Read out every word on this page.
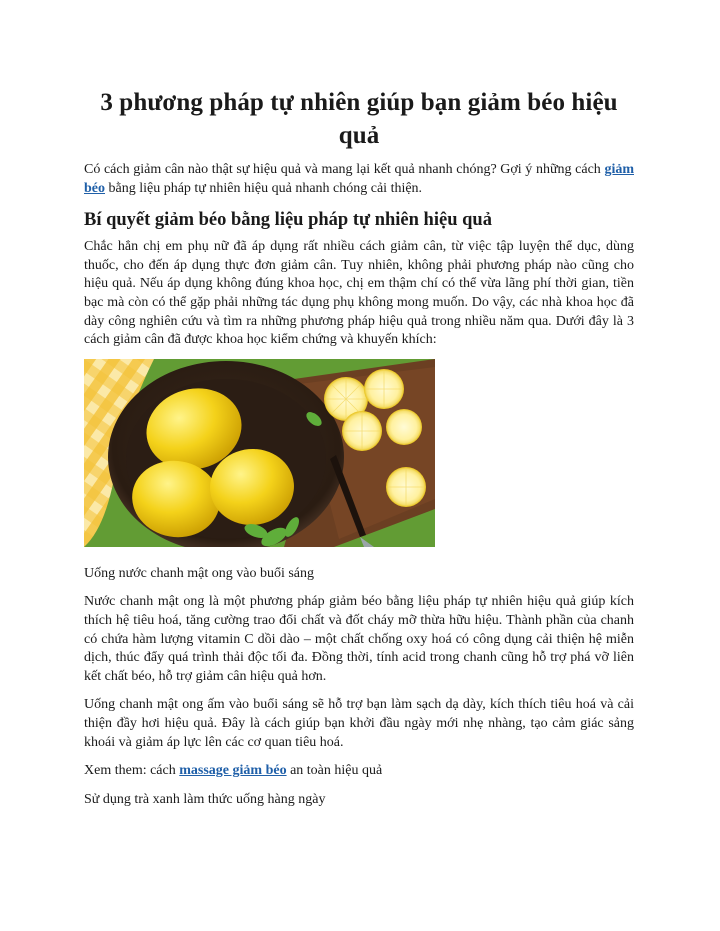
3 phương pháp tự nhiên giúp bạn giảm béo hiệu quả

Có cách giảm cân nào thật sự hiệu quả và mang lại kết quả nhanh chóng? Gợi ý những cách giảm béo bằng liệu pháp tự nhiên hiệu quả nhanh chóng cải thiện.

Bí quyết giảm béo bằng liệu pháp tự nhiên hiệu quả

Chắc hẳn chị em phụ nữ đã áp dụng rất nhiều cách giảm cân, từ việc tập luyện thể dục, dùng thuốc, cho đến áp dụng thực đơn giảm cân. Tuy nhiên, không phải phương pháp nào cũng cho hiệu quả. Nếu áp dụng không đúng khoa học, chị em thậm chí có thể vừa lãng phí thời gian, tiền bạc mà còn có thể gặp phải những tác dụng phụ không mong muốn. Do vậy, các nhà khoa học đã dày công nghiên cứu và tìm ra những phương pháp hiệu quả trong nhiều năm qua. Dưới đây là 3 cách giảm cân đã được khoa học kiểm chứng và khuyến khích:

Uống nước chanh mật ong vào buổi sáng

Nước chanh mật ong là một phương pháp giảm béo bằng liệu pháp tự nhiên hiệu quả giúp kích thích hệ tiêu hoá, tăng cường trao đổi chất và đốt cháy mỡ thừa hữu hiệu. Thành phần của chanh có chứa hàm lượng vitamin C dồi dào – một chất chống oxy hoá có công dụng cải thiện hệ miễn dịch, thúc đẩy quá trình thải độc tối đa. Đồng thời, tính acid trong chanh cũng hỗ trợ phá vỡ liên kết chất béo, hỗ trợ giảm cân hiệu quả hơn.

Uống chanh mật ong ấm vào buổi sáng sẽ hỗ trợ bạn làm sạch dạ dày, kích thích tiêu hoá và cải thiện đầy hơi hiệu quả. Đây là cách giúp bạn khởi đầu ngày mới nhẹ nhàng, tạo cảm giác sảng khoái và giảm áp lực lên các cơ quan tiêu hoá.

Xem them: cách massage giảm béo an toàn hiệu quả

Sử dụng trà xanh làm thức uống hàng ngày
